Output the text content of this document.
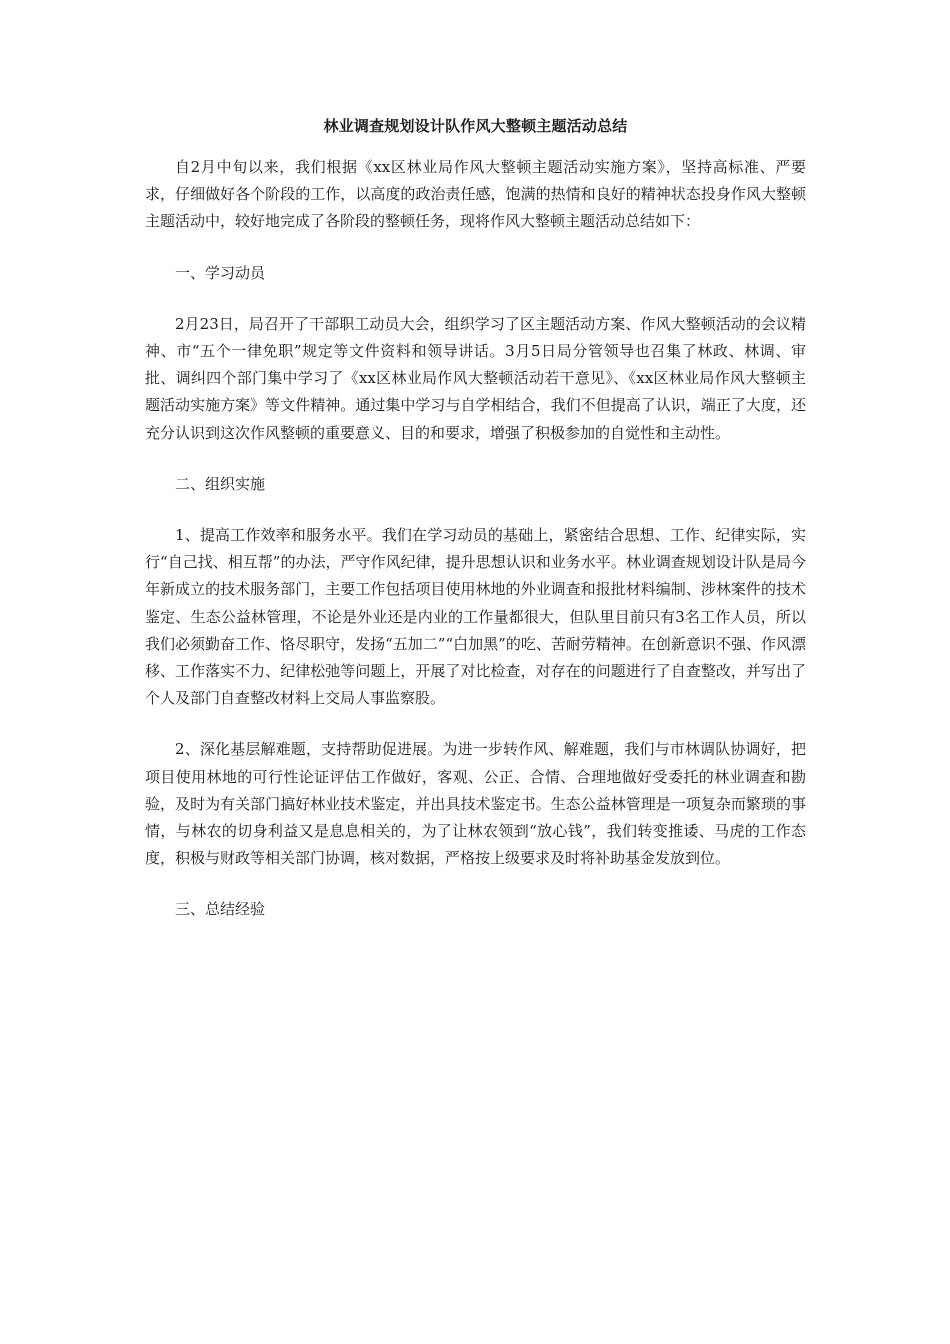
林业调查规划设计队作风大整顿主题活动总结

自2月中旬以来，我们根据《xx区林业局作风大整顿主题活动实施方案》，坚持高标准、严要求，仔细做好各个阶段的工作，以高度的政治责任感，饱满的热情和良好的精神状态投身作风大整顿主题活动中，较好地完成了各阶段的整顿任务，现将作风大整顿主题活动总结如下：

一、学习动员

2月23日，局召开了干部职工动员大会，组织学习了区主题活动方案、作风大整顿活动的会议精神、市“五个一律免职”规定等文件资料和领导讲话。3月5日局分管领导也召集了林政、林调、审批、调纠四个部门集中学习了《xx区林业局作风大整顿活动若干意见》、《xx区林业局作风大整顿主题活动实施方案》等文件精神。通过集中学习与自学相结合，我们不但提高了认识，端正了大度，还充分认识到这次作风整顿的重要意义、目的和要求，增强了积极参加的自觉性和主动性。

二、组织实施

1、提高工作效率和服务水平。我们在学习动员的基础上，紧密结合思想、工作、纪律实际，实行“自己找、相互帮”的办法，严守作风纪律，提升思想认识和业务水平。林业调查规划设计队是局今年新成立的技术服务部门，主要工作包括项目使用林地的外业调查和报批材料编制、涉林案件的技术鉴定、生态公益林管理，不论是外业还是内业的工作量都很大，但队里目前只有3名工作人员，所以我们必须勤奋工作、恪尽职守，发扬“五加二”“白加黑”的吃、苦耐劳精神。在创新意识不强、作风漂移、工作落实不力、纪律松弛等问题上，开展了对比检查，对存在的问题进行了自查整改，并写出了个人及部门自查整改材料上交局人事监察股。

2、深化基层解难题，支持帮助促进展。为进一步转作风、解难题，我们与市林调队协调好，把项目使用林地的可行性论证评估工作做好，客观、公正、合情、合理地做好受委托的林业调查和勘验，及时为有关部门搞好林业技术鉴定，并出具技术鉴定书。生态公益林管理是一项复杂而繁琐的事情，与林农的切身利益又是息息相关的，为了让林农领到“放心钱”，我们转变推诿、马虎的工作态度，积极与财政等相关部门协调，核对数据，严格按上级要求及时将补助基金发放到位。

三、总结经验
